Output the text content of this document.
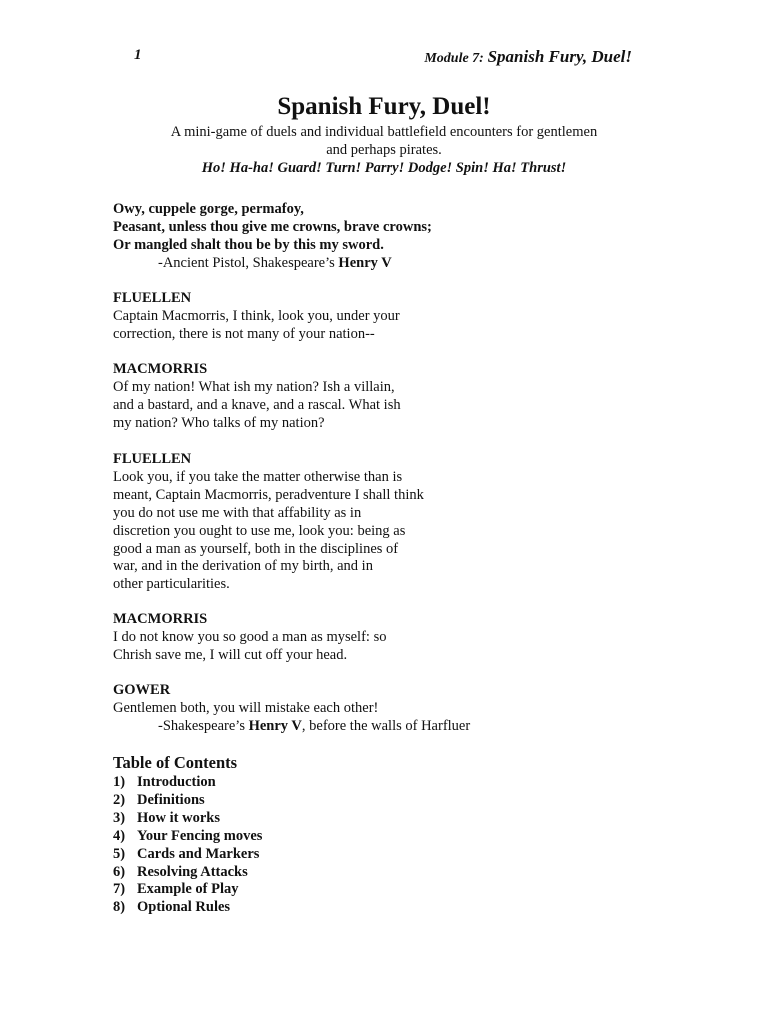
1	Module 7: Spanish Fury, Duel!
Spanish Fury, Duel!
A mini-game of duels and individual battlefield encounters for gentlemen
and perhaps pirates.
Ho! Ha-ha! Guard! Turn! Parry! Dodge! Spin! Ha! Thrust!
Owy, cuppele gorge, permafoy,
Peasant, unless thou give me crowns, brave crowns;
Or mangled shalt thou be by this my sword.
-Ancient Pistol, Shakespeare’s Henry V
FLUELLEN
Captain Macmorris, I think, look you, under your
correction, there is not many of your nation--
MACMORRIS
Of my nation! What ish my nation? Ish a villain,
and a bastard, and a knave, and a rascal. What ish
my nation? Who talks of my nation?
FLUELLEN
Look you, if you take the matter otherwise than is
meant, Captain Macmorris, peradventure I shall think
you do not use me with that affability as in
discretion you ought to use me, look you: being as
good a man as yourself, both in the disciplines of
war, and in the derivation of my birth, and in
other particularities.
MACMORRIS
I do not know you so good a man as myself: so
Chrish save me, I will cut off your head.
GOWER
Gentlemen both, you will mistake each other!
-Shakespeare’s Henry V, before the walls of Harfluer
Table of Contents
1) Introduction
2) Definitions
3) How it works
4) Your Fencing moves
5) Cards and Markers
6) Resolving Attacks
7) Example of Play
8) Optional Rules
